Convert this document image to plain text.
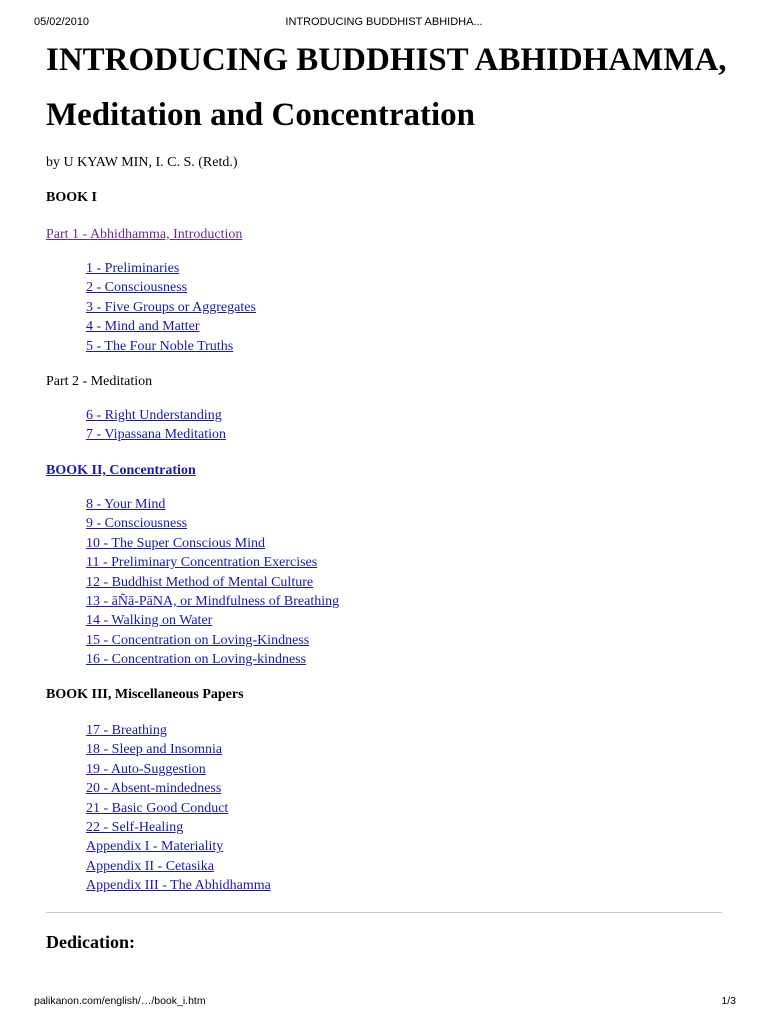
05/02/2010	INTRODUCING BUDDHIST ABHIDHA...
INTRODUCING BUDDHIST ABHIDHAMMA,
Meditation and Concentration
by U KYAW MIN, I. C. S. (Retd.)
BOOK I
Part 1 - Abhidhamma, Introduction
1 - Preliminaries
2 - Consciousness
3 - Five Groups or Aggregates
4 - Mind and Matter
5 - The Four Noble Truths
Part 2 - Meditation
6 - Right Understanding
7 - Vipassana Meditation
BOOK II, Concentration
8 - Your Mind
9 - Consciousness
10 - The Super Conscious Mind
11 - Preliminary Concentration Exercises
12 - Buddhist Method of Mental Culture
13 - āÑā-PāNA, or Mindfulness of Breathing
14 - Walking on Water
15 - Concentration on Loving-Kindness
16 - Concentration on Loving-kindness
BOOK III, Miscellaneous Papers
17 - Breathing
18 - Sleep and Insomnia
19 - Auto-Suggestion
20 - Absent-mindedness
21 - Basic Good Conduct
22 - Self-Healing
Appendix I - Materiality
Appendix II - Cetasika
Appendix III - The Abhidhamma
Dedication:
palikanon.com/english/…/book_i.htm	1/3
